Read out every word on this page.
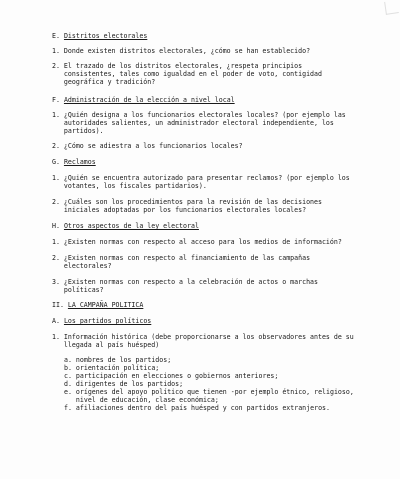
E. Distritos electorales
1. Donde existen distritos electorales, ¿cómo se han establecido?
2. El trazado de los distritos electorales, ¿respeta principios
consistentes, tales como igualdad en el poder de voto, contigidad
geográfica y tradición?
F. Administración de la elección a nivel local
1. ¿Quién designa a los funcionarios electorales locales? (por ejemplo las
autoridades salientes, un administrador electoral independiente, los
partidos).
2. ¿Cómo se adiestra a los funcionarios locales?
G. Reclamos
1. ¿Quién se encuentra autorizado para presentar reclamos? (por ejemplo los
votantes, los fiscales partidarios).
2. ¿Cuáles son los procedimientos para la revisión de las decisiones
iniciales adoptadas por los funcionarios electorales locales?
H. Otros aspectos de la ley electoral
1. ¿Existen normas con respecto al acceso para los medios de información?
2. ¿Existen normas con respecto al financiamiento de las campañas
electorales?
3. ¿Existen normas con respecto a la celebración de actos o marchas
políticas?
II. LA CAMPAÑA POLITICA
A. Los partidos políticos
1. Información histórica (debe proporcionarse a los observadores antes de su
llegada al país huésped)
a. nombres de los partidos;
b. orientación política;
c. participación en elecciones o gobiernos anteriores;
d. dirigentes de los partidos;
e. orígenes del apoyo político que tienen -por ejemplo étnico, religioso,
nivel de educación, clase económica;
f. afiliaciones dentro del país huésped y con partidos extranjeros.
